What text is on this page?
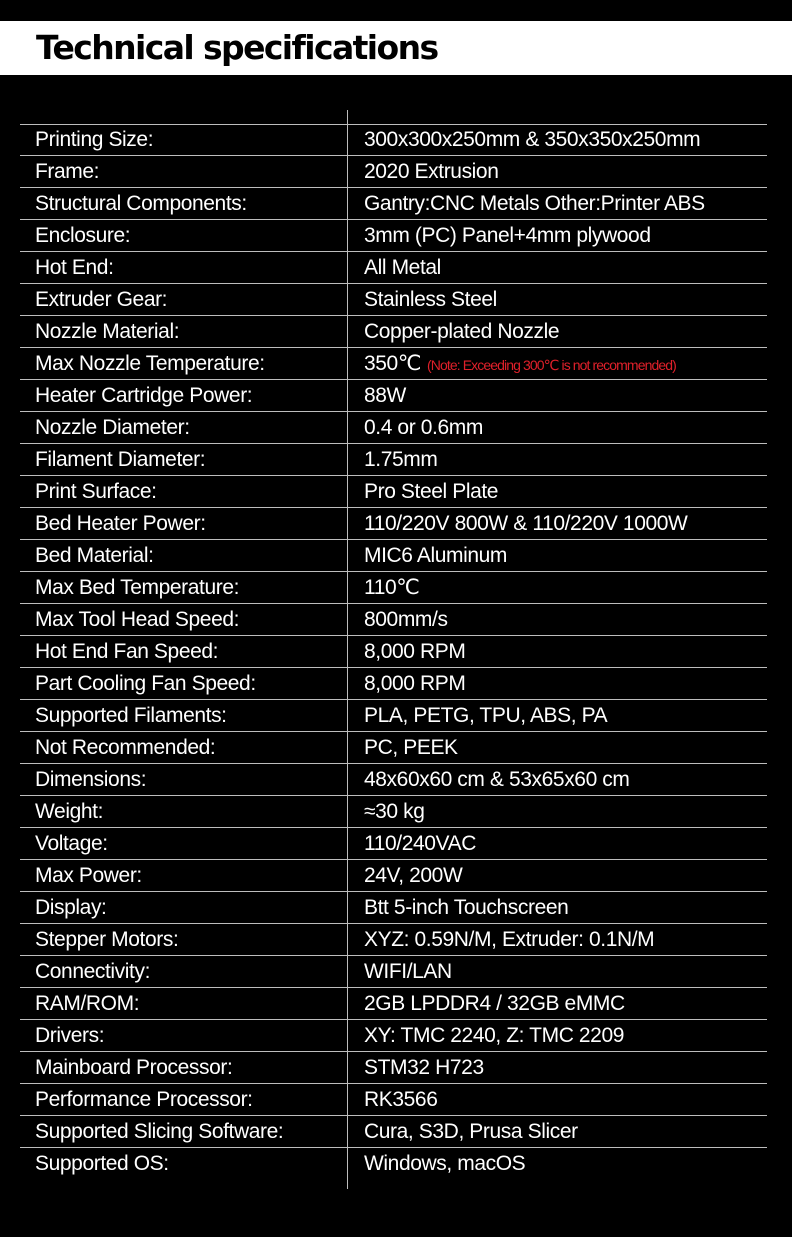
Technical specifications
Printing Size:	300x300x250mm & 350x350x250mm
Frame:	2020 Extrusion
Structural Components:	Gantry:CNC Metals Other:Printer ABS
Enclosure:	3mm (PC) Panel+4mm plywood
Hot End:	All Metal
Extruder Gear:	Stainless Steel
Nozzle Material:	Copper-plated Nozzle
Max Nozzle Temperature:	350℃ (Note: Exceeding 300℃ is not recommended)
Heater Cartridge Power:	88W
Nozzle Diameter:	0.4 or 0.6mm
Filament Diameter:	1.75mm
Print Surface:	Pro Steel Plate
Bed Heater Power:	110/220V 800W & 110/220V 1000W
Bed Material:	MIC6 Aluminum
Max Bed Temperature:	110℃
Max Tool Head Speed:	800mm/s
Hot End Fan Speed:	8,000 RPM
Part Cooling Fan Speed:	8,000 RPM
Supported Filaments:	PLA, PETG, TPU, ABS, PA
Not Recommended:	PC, PEEK
Dimensions:	48x60x60 cm & 53x65x60 cm
Weight:	≈30 kg
Voltage:	110/240VAC
Max Power:	24V, 200W
Display:	Btt 5-inch Touchscreen
Stepper Motors:	XYZ: 0.59N/M, Extruder: 0.1N/M
Connectivity:	WIFI/LAN
RAM/ROM:	2GB LPDDR4 / 32GB eMMC
Drivers:	XY: TMC 2240, Z: TMC 2209
Mainboard Processor:	STM32 H723
Performance Processor:	RK3566
Supported Slicing Software:	Cura, S3D, Prusa Slicer
Supported OS:	Windows, macOS
